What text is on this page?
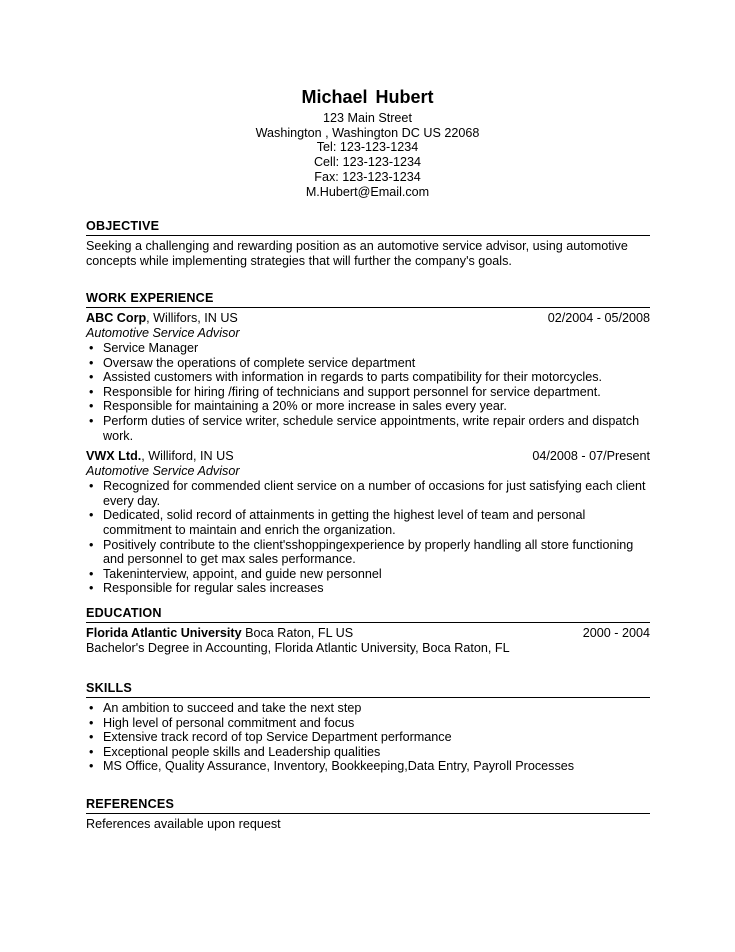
Michael Hubert
123 Main Street
Washington , Washington DC US 22068
Tel: 123-123-1234
Cell: 123-123-1234
Fax: 123-123-1234
M.Hubert@Email.com
OBJECTIVE
Seeking a challenging and rewarding position as an automotive service advisor, using automotive concepts while implementing strategies that will further the company's goals.
WORK EXPERIENCE
ABC Corp, Willifors, IN US	02/2004 - 05/2008
Automotive Service Advisor
• Service Manager
• Oversaw the operations of complete service department
• Assisted customers with information in regards to parts compatibility for their motorcycles.
• Responsible for hiring /firing of technicians and support personnel for service department.
• Responsible for maintaining a 20% or more increase in sales every year.
• Perform duties of service writer, schedule service appointments, write repair orders and dispatch work.
VWX Ltd., Williford, IN US	04/2008 - 07/Present
Automotive Service Advisor
• Recognized for commended client service on a number of occasions for just satisfying each client every day.
• Dedicated, solid record of attainments in getting the highest level of team and personal commitment to maintain and enrich the organization.
• Positively contribute to the client'sshoppingexperience by properly handling all store functioning and personnel to get max sales performance.
• Takeninterview, appoint, and guide new personnel
• Responsible for regular sales increases
EDUCATION
Florida Atlantic University Boca Raton, FL US	2000 - 2004
Bachelor's Degree in Accounting, Florida Atlantic University, Boca Raton, FL
SKILLS
• An ambition to succeed and take the next step
• High level of personal commitment and focus
• Extensive track record of top Service Department performance
• Exceptional people skills and Leadership qualities
• MS Office, Quality Assurance, Inventory, Bookkeeping,Data Entry, Payroll Processes
REFERENCES
References available upon request
